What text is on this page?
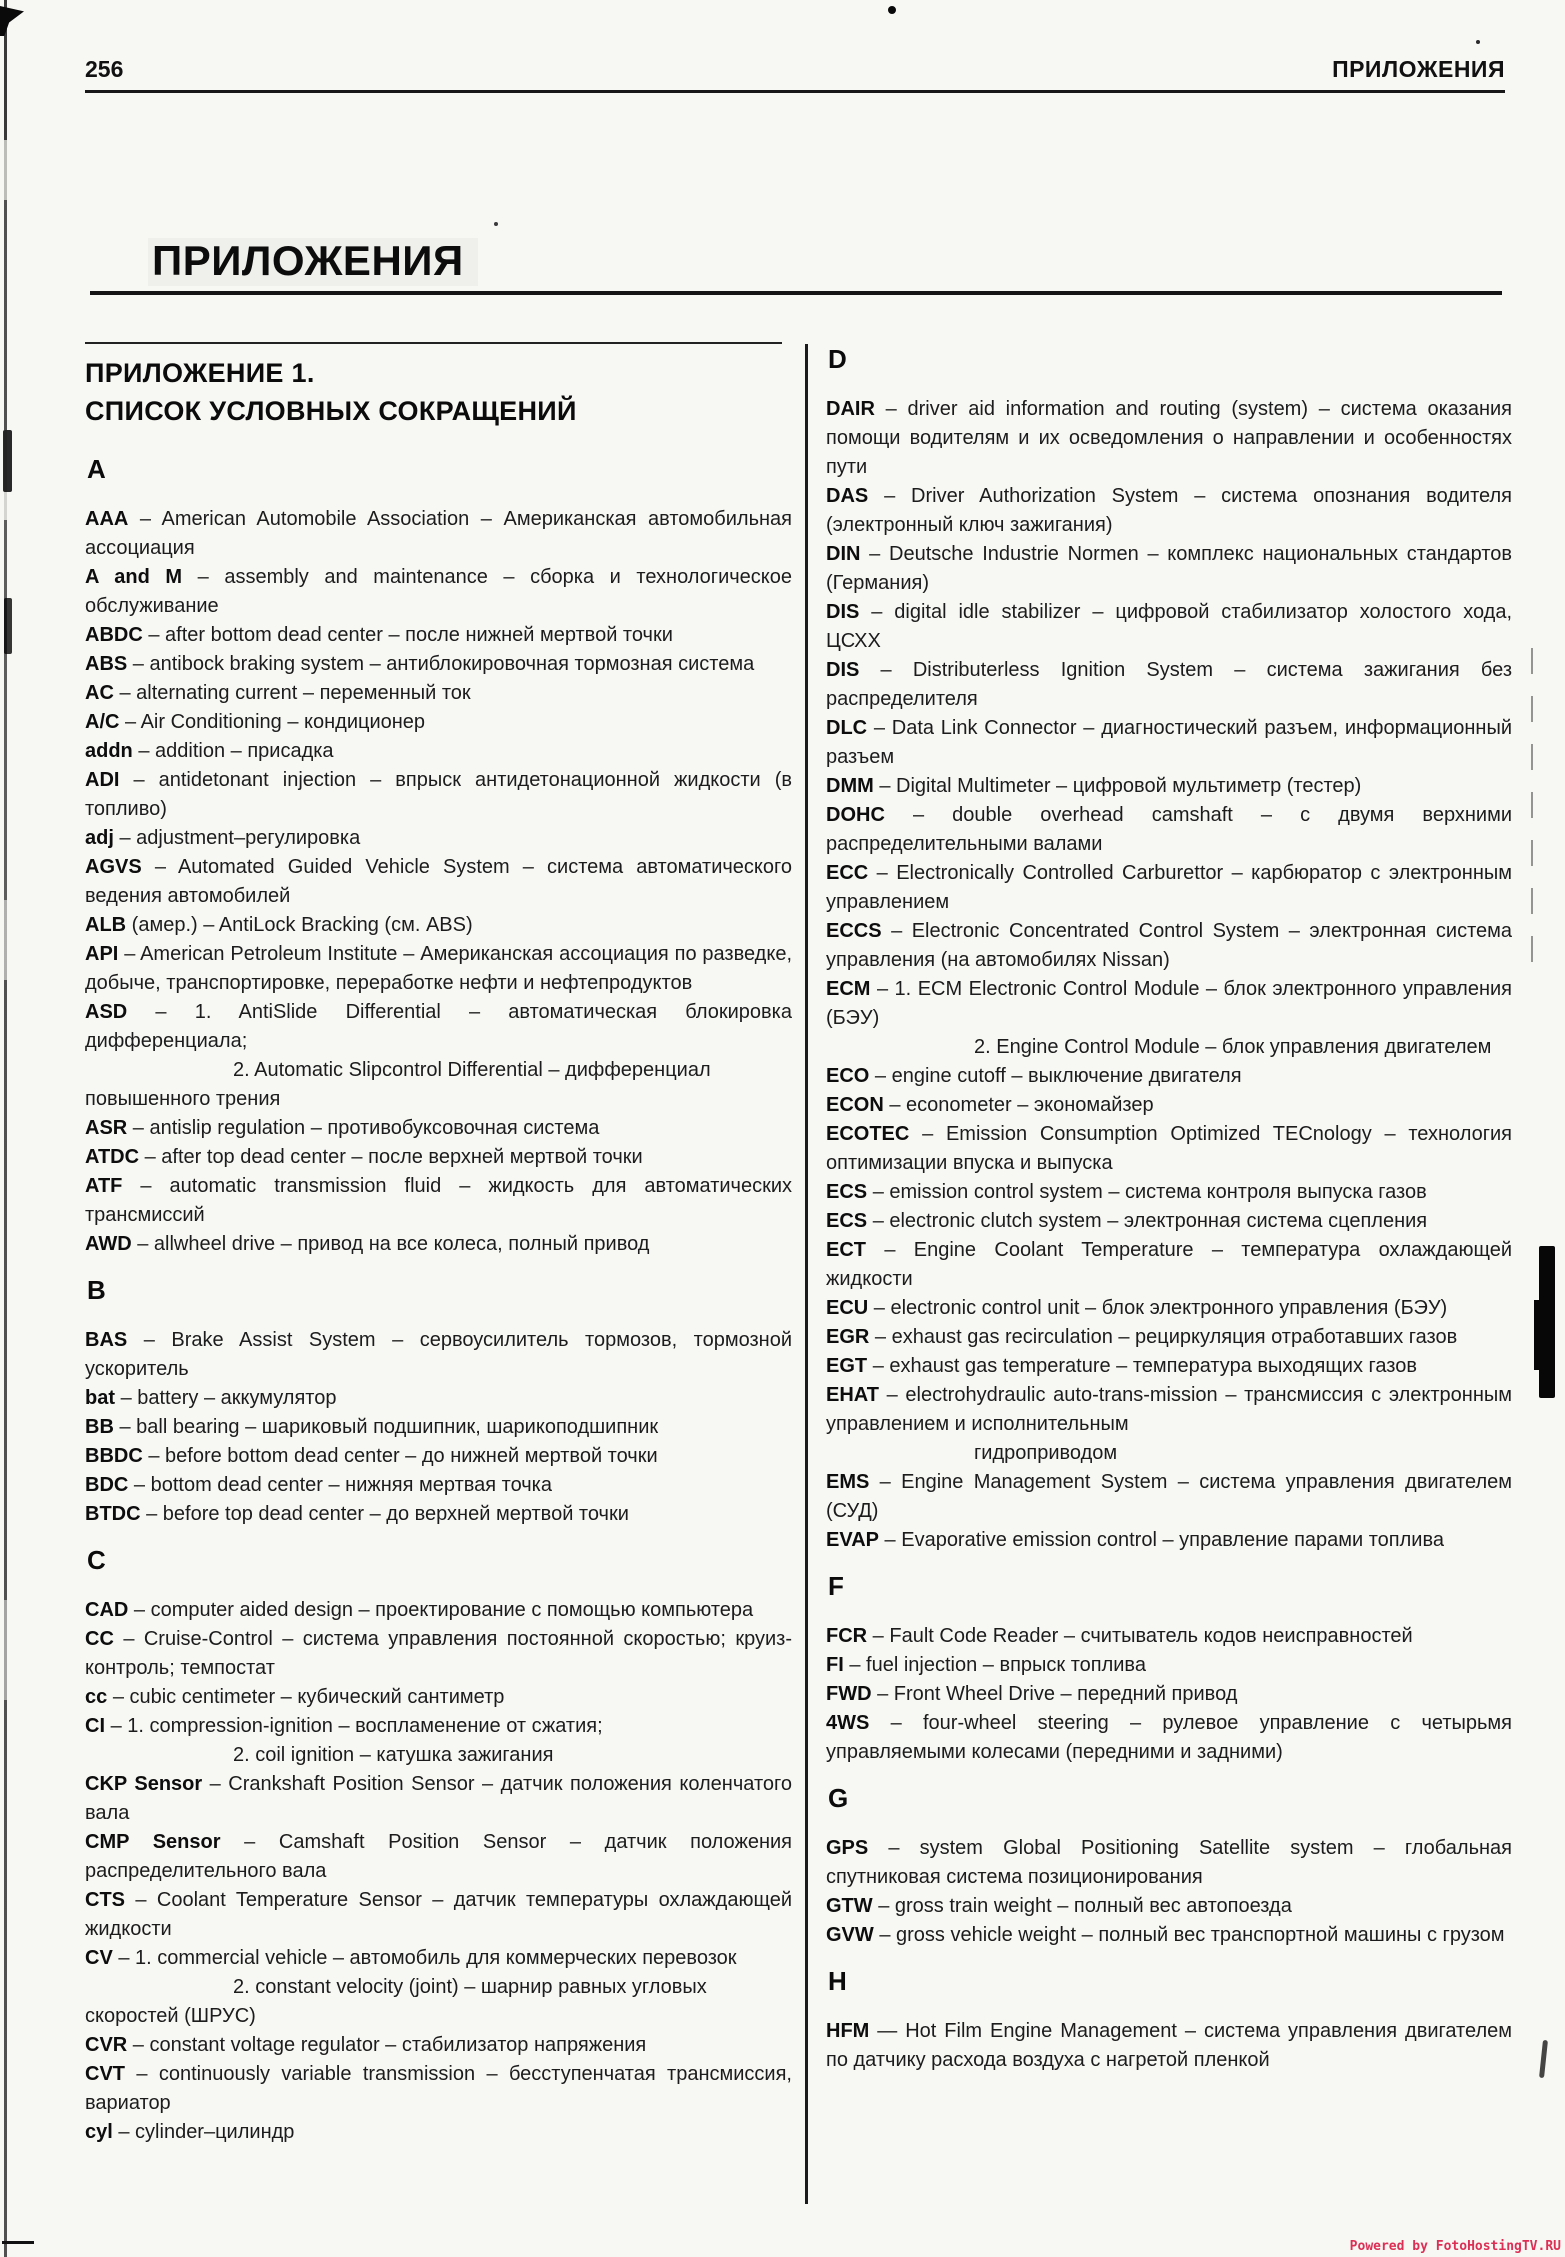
256	ПРИЛОЖЕНИЯ
ПРИЛОЖЕНИЯ
ПРИЛОЖЕНИЕ 1.
СПИСОК УСЛОВНЫХ СОКРАЩЕНИЙ
A

AAA – American Automobile Association – Американская автомобильная ассоциация

A and M – assembly and maintenance – сборка и технологическое обслуживание

ABDC – after bottom dead center – после нижней мертвой точки

ABS – antibock braking system – антиблокировочная тормозная система

AC – alternating current – переменный ток

A/C – Air Conditioning – кондиционер

addn – addition – присадка

ADI – antidetonant injection – впрыск антидетонационной жидкости (в топливо)

adj – adjustment–регулировка

AGVS – Automated Guided Vehicle System – система автоматического ведения автомобилей

ALB (амер.) – AntiLock Bracking (см. ABS)

API – American Petroleum Institute – Американская ассоциация по разведке, добыче, транспортировке, переработке нефти и нефтепродуктов

ASD – 1. AntiSlide Differential – автоматическая блокировка дифференциала;

2. Automatic Slipcontrol Differential – дифференциал повышенного трения

ASR – antislip regulation – противобуксовочная система

ATDC – after top dead center – после верхней мертвой точки

ATF – automatic transmission fluid – жидкость для автоматических трансмиссий

AWD – allwheel drive – привод на все колеса, полный привод

B

BAS – Brake Assist System – сервоусилитель тормозов, тормозной ускоритель

bat – battery – аккумулятор

BB – ball bearing – шариковый подшипник, шарикоподшипник

BBDC – before bottom dead center – до нижней мертвой точки

BDC – bottom dead center – нижняя мертвая точка

BTDC – before top dead center – до верхней мертвой точки

C

CAD – computer aided design – проектирование с помощью компьютера

CC – Cruise-Control – система управления постоянной скоростью; круиз-контроль; темпостат

cc – cubic centimeter – кубический сантиметр

CI – 1. compression-ignition – воспламенение от сжатия;

2. coil ignition – катушка зажигания

CKP Sensor – Crankshaft Position Sensor – датчик положения коленчатого вала

CMP Sensor – Camshaft Position Sensor – датчик положения распределительного вала

CTS – Coolant Temperature Sensor – датчик температуры охлаждающей жидкости

CV – 1. commercial vehicle – автомобиль для коммерческих перевозок

2. constant velocity (joint) – шарнир равных угловых скоростей (ШРУС)

CVR – constant voltage regulator – стабилизатор напряжения

CVT – continuously variable transmission – бесступенчатая трансмиссия, вариатор

cyl – cylinder–цилиндр

D

DAIR – driver aid information and routing (system) – система оказания помощи водителям и их осведомления о направлении и особенностях пути

DAS – Driver Authorization System – система опознания водителя (электронный ключ зажигания)

DIN – Deutsche Industrie Normen – комплекс национальных стандартов (Германия)

DIS – digital idle stabilizer – цифровой стабилизатор холостого хода, ЦСХХ

DIS – Distributerless Ignition System – система зажигания без распределителя

DLC – Data Link Connector – диагностический разъем, информационный разъем

DMM – Digital Multimeter – цифровой мультиметр (тестер)

DOHC – double overhead camshaft – с двумя верхними распределительными валами

ECC – Electronically Controlled Carburettor – карбюратор с электронным управлением

ECCS – Electronic Concentrated Control System – электронная система управления (на автомобилях Nissan)

ECM – 1. ECM Electronic Control Module – блок электронного управления (БЭУ)

2. Engine Control Module – блок управления двигателем

ECO – engine cutoff – выключение двигателя

ECON – econometer – экономайзер

ECOTEC – Emission Consumption Optimized TECnology – технология оптимизации впуска и выпуска

ECS – emission control system – система контроля выпуска газов

ECS – electronic clutch system – электронная система сцепления

ECT – Engine Coolant Temperature – температура охлаждающей жидкости

ECU – electronic control unit – блок электронного управления (БЭУ)

EGR – exhaust gas recirculation – рециркуляция отработавших газов

EGT – exhaust gas temperature – температура выходящих газов

EHAT – electrohydraulic auto-trans-mission – трансмиссия с электронным управлением и исполнительным

гидроприводом

EMS – Engine Management System – система управления двигателем (СУД)

EVAP – Evaporative emission control – управление парами топлива

F

FCR – Fault Code Reader – считыватель кодов неисправностей

FI – fuel injection – впрыск топлива

FWD – Front Wheel Drive – передний привод

4WS – four-wheel steering – рулевое управление с четырьмя управляемыми колесами (передними и задними)

G

GPS – system Global Positioning Satellite system – глобальная спутниковая система позиционирования

GTW – gross train weight – полный вес автопоезда

GVW – gross vehicle weight – полный вес транспортной машины с грузом

H

HFM — Hot Film Engine Management – система управления двигателем по датчику расхода воздуха с нагретой пленкой

Powered by FotoHostingTV.RU
